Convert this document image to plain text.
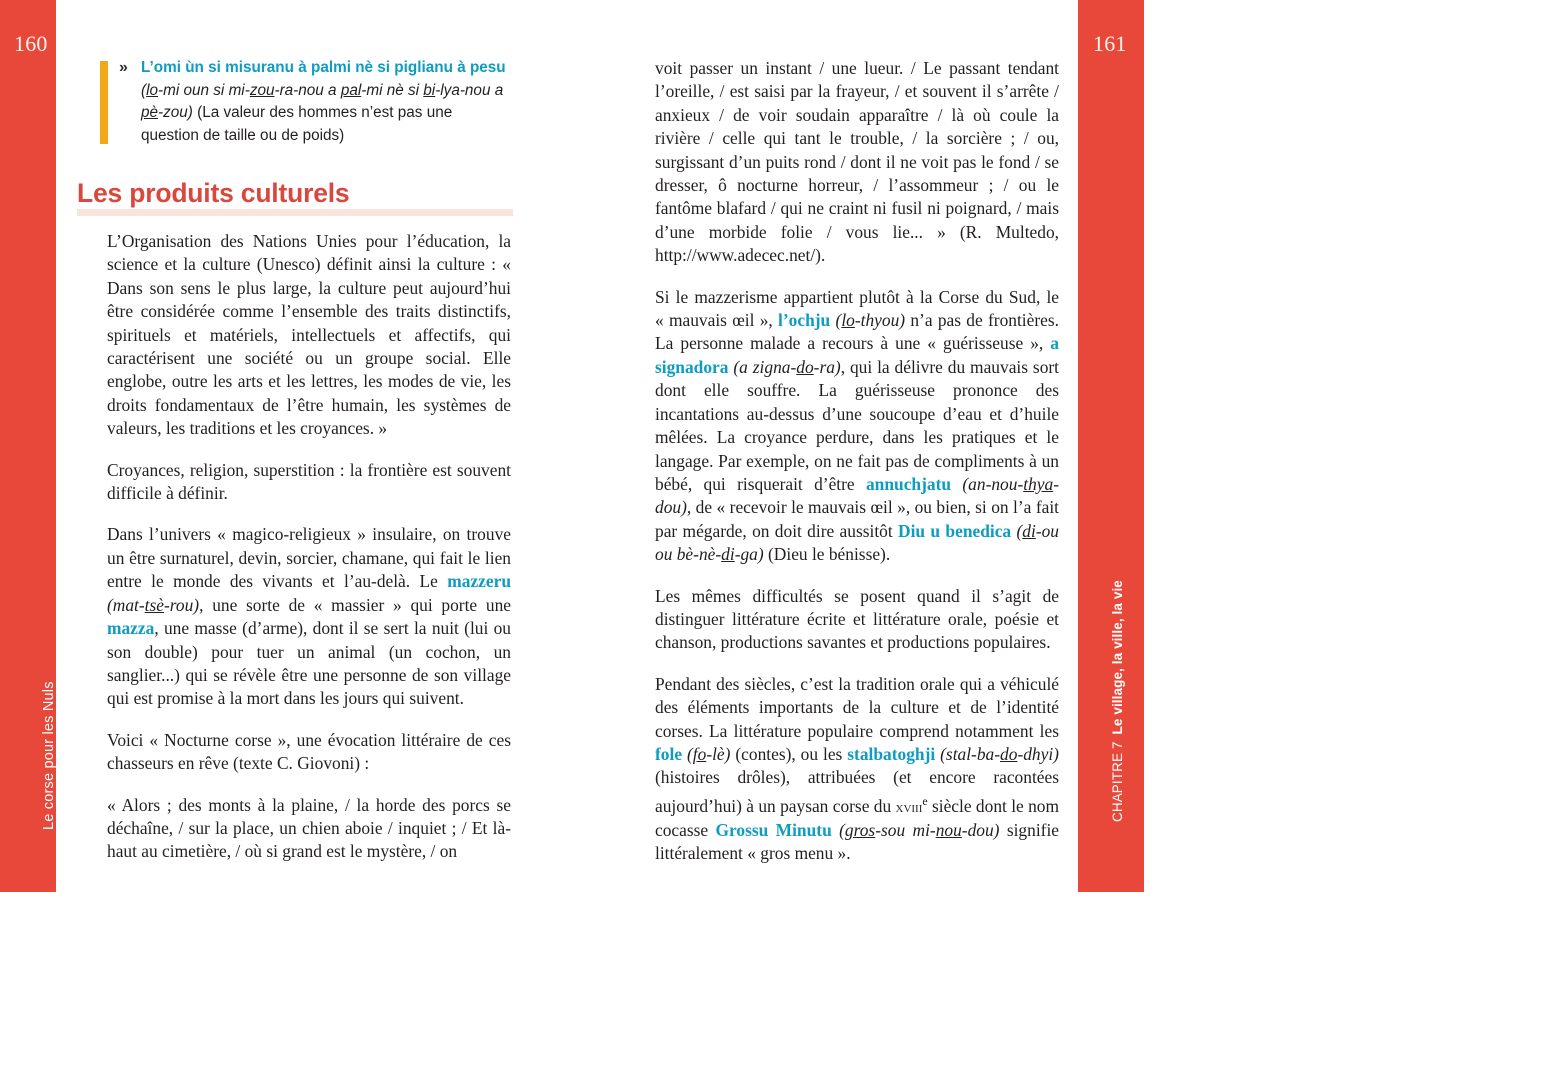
160
Le corse pour les Nuls
161
CHAPITRE 7Le village, la ville, la vie
» L’omi ùn si misuranu à palmi nè si piglianu à pesu (lo-mi oun si mi-zou-ra-nou a pal-mi nè si bi-lya-nou a pè-zou) (La valeur des hommes n’est pas une question de taille ou de poids)
Les produits culturels

L’Organisation des Nations Unies pour l’éducation, la science et la culture (Unesco) définit ainsi la culture : « Dans son sens le plus large, la culture peut aujourd’hui être considérée comme l’ensemble des traits distinctifs, spirituels et matériels, intellectuels et affectifs, qui caractérisent une société ou un groupe social. Elle englobe, outre les arts et les lettres, les modes de vie, les droits fondamentaux de l’être humain, les systèmes de valeurs, les traditions et les croyances. »

Croyances, religion, superstition : la frontière est souvent difficile à définir.

Dans l’univers « magico-religieux » insulaire, on trouve un être surnaturel, devin, sorcier, chamane, qui fait le lien entre le monde des vivants et l’au-delà. Le mazzeru (mat-tsè-rou), une sorte de « massier » qui porte une mazza, une masse (d’arme), dont il se sert la nuit (lui ou son double) pour tuer un animal (un cochon, un sanglier...) qui se révèle être une personne de son village qui est promise à la mort dans les jours qui suivent.

Voici « Nocturne corse », une évocation littéraire de ces chasseurs en rêve (texte C. Giovoni) :

« Alors ; des monts à la plaine, / la horde des porcs se déchaîne, / sur la place, un chien aboie / inquiet ; / Et là-haut au cimetière, / où si grand est le mystère, / on

voit passer un instant / une lueur. / Le passant tendant l’oreille, / est saisi par la frayeur, / et souvent il s’arrête / anxieux / de voir soudain apparaître / là où coule la rivière / celle qui tant le trouble, / la sorcière ; / ou, surgissant d’un puits rond / dont il ne voit pas le fond / se dresser, ô nocturne horreur, / l’assommeur ; / ou le fantôme blafard / qui ne craint ni fusil ni poignard, / mais d’une morbide folie / vous lie... » (R. Multedo, http://www.adecec.net/).

Si le mazzerisme appartient plutôt à la Corse du Sud, le « mauvais œil », l’ochju (lo-thyou) n’a pas de frontières. La personne malade a recours à une « guérisseuse », a signadora (a zigna-do-ra), qui la délivre du mauvais sort dont elle souffre. La guérisseuse prononce des incantations au-dessus d’une soucoupe d’eau et d’huile mêlées. La croyance perdure, dans les pratiques et le langage. Par exemple, on ne fait pas de compliments à un bébé, qui risquerait d’être annuchjatu (an-nou-thya-dou), de « recevoir le mauvais œil », ou bien, si on l’a fait par mégarde, on doit dire aussitôt Diu u benedica (di-ou ou bè-nè-di-ga) (Dieu le bénisse).

Les mêmes difficultés se posent quand il s’agit de distinguer littérature écrite et littérature orale, poésie et chanson, productions savantes et productions populaires.

Pendant des siècles, c’est la tradition orale qui a véhiculé des éléments importants de la culture et de l’identité corses. La littérature populaire comprend notamment les fole (fo-lè) (contes), ou les stalbatoghji (stal-ba-do-dhyi) (histoires drôles), attribuées (et encore racontées aujourd’hui) à un paysan corse du xviii$^e$ siècle dont le nom cocasse Grossu Minutu (gros-sou mi-nou-dou) signifie littéralement « gros menu ».
